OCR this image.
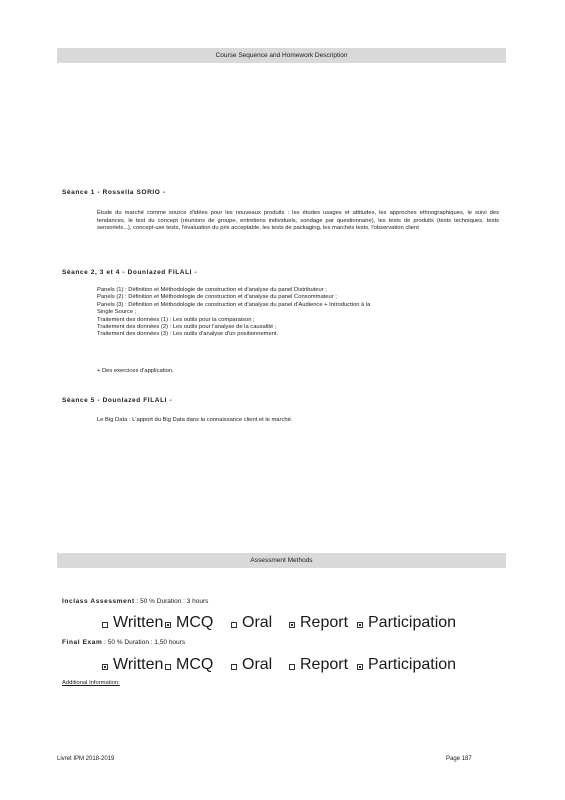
Course Sequence and Homework Description
Séance 1 - Rossella SORIO -
Étude du marché comme source d'idées pour les nouveaux produits : les études usages et attitudes, les approches ethnographiques, le suivi des tendances, le test du concept (réunions de groupe, entretiens individuels, sondage par questionnaire), les tests de produits (tests techniques, tests sensoriels...), concept-use tests, l'évaluation du prix acceptable, les tests de packaging, les marchés tests, l'observation client
Séance 2, 3 et 4 - Dounlazed FILALI -
Panels (1) : Définition et Méthodologie de construction et d'analyse du panel Distributeur ;
Panels (2) : Définition et Méthodologie de construction et d'analyse du panel Consommateur ;
Panels (3) : Définition et Méthodologie de construction et d'analyse du panel d'Audience + Introduction à la
Single Source ;
Traitement des données (1) : Les outils pour la comparaison ;
Traitement des données (2) : Les outils pour l'analyse de la causalité ;
Traitement des données (3) : Les outils d'analyse d'un positionnement.
+ Des exercices d'application.
Séance 5 - Dounlazed FILALI -
Le Big Data : L'apport du Big Data dans la connaissance client et le marché.
Assessment Methods
Inclass Assessment : 50 % Duration : 3 hours
Written MCQ	Oral	Report	Participation
Final Exam : 50 % Duration : 1,50 hours
Written MCQ	Oral	Report	Participation
Additional Information:
Livret IPM 2018-2019	Page 187
